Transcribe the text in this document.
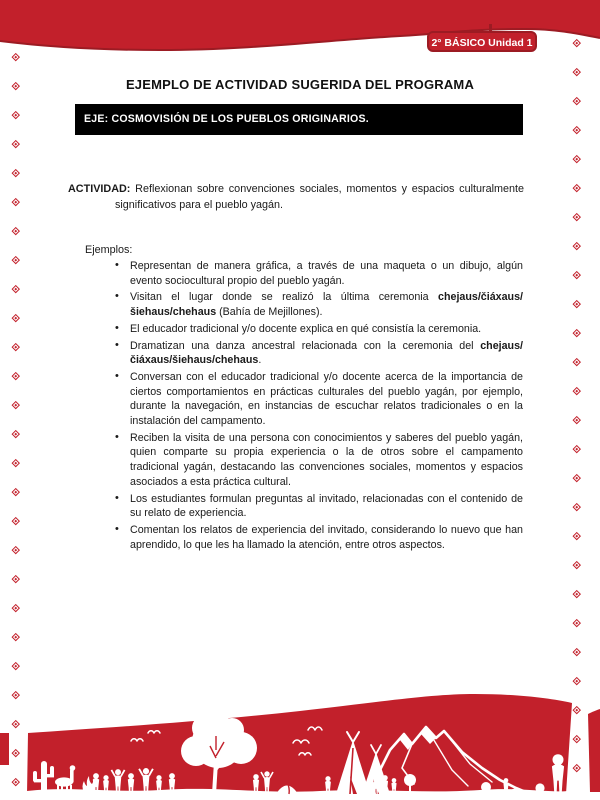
2° BÁSICO Unidad 1
EJEMPLO DE ACTIVIDAD SUGERIDA DEL PROGRAMA
EJE: COSMOVISIÓN DE LOS PUEBLOS ORIGINARIOS.
ACTIVIDAD: Reflexionan sobre convenciones sociales, momentos y espacios culturalmente significativos para el pueblo yagán.
Ejemplos:
• Representan de manera gráfica, a través de una maqueta o un dibujo, algún evento sociocultural propio del pueblo yagán.
• Visitan el lugar donde se realizó la última ceremonia chejaus/čiáxaus/šiehaus/chehaus (Bahía de Mejillones).
• El educador tradicional y/o docente explica en qué consistía la ceremonia.
• Dramatizan una danza ancestral relacionada con la ceremonia del chejaus/čiáxaus/šiehaus/chehaus.
• Conversan con el educador tradicional y/o docente acerca de la importancia de ciertos comportamientos en prácticas culturales del pueblo yagán, por ejemplo, durante la navegación, en instancias de escuchar relatos tradicionales o en la instalación del campamento.
• Reciben la visita de una persona con conocimientos y saberes del pueblo yagán, quien comparte su propia experiencia o la de otros sobre el campamento tradicional yagán, destacando las convenciones sociales, momentos y espacios asociados a esta práctica cultural.
• Los estudiantes formulan preguntas al invitado, relacionadas con el contenido de su relato de experiencia.
• Comentan los relatos de experiencia del invitado, considerando lo nuevo que han aprendido, lo que les ha llamado la atención, entre otros aspectos.
